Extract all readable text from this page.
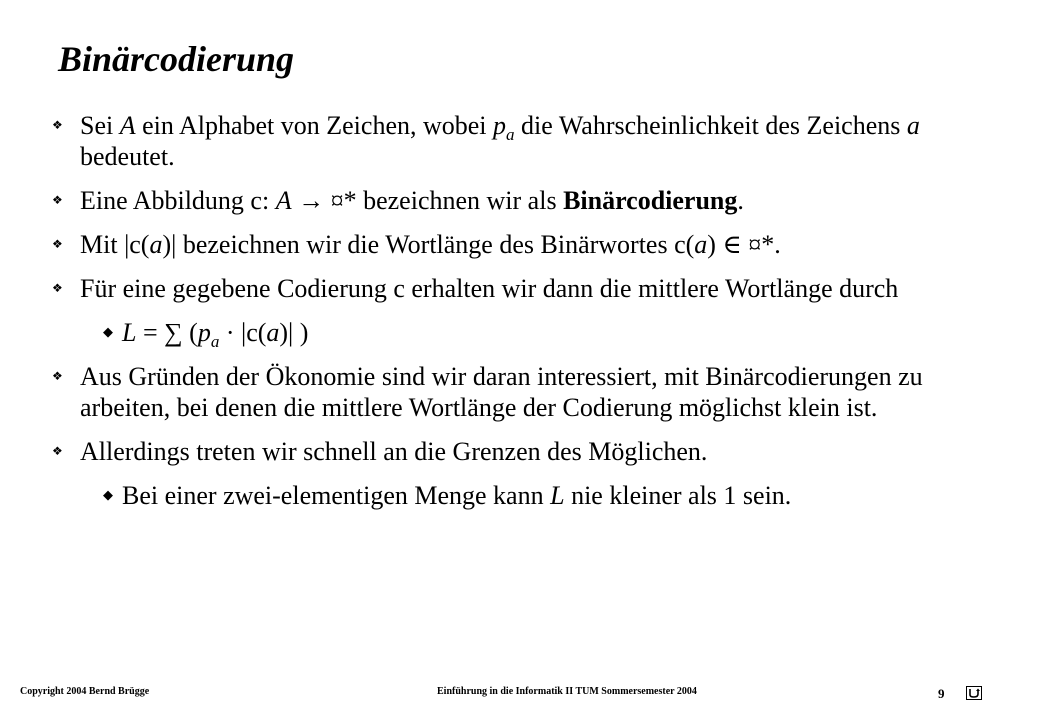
Binärcodierung
❖ Sei A ein Alphabet von Zeichen, wobei $p_a$ die Wahrscheinlichkeit des Zeichens a bedeutet.
❖ Eine Abbildung c: A → ¤* bezeichnen wir als Binärcodierung.
❖ Mit |c(a)| bezeichnen wir die Wortlänge des Binärwortes c(a) ∈ ¤*.
❖ Für eine gegebene Codierung c erhalten wir dann die mittlere Wortlänge durch
◆ L = ∑ ($p_a \cdot |c(a)|$ )
❖ Aus Gründen der Ökonomie sind wir daran interessiert, mit Binärcodierungen zu arbeiten, bei denen die mittlere Wortlänge der Codierung möglichst klein ist.
❖ Allerdings treten wir schnell an die Grenzen des Möglichen.
◆ Bei einer zwei-elementigen Menge kann L nie kleiner als 1 sein.
Copyright 2004 Bernd Brügge	Einführung in die Informatik II TUM Sommersemester 2004	9
